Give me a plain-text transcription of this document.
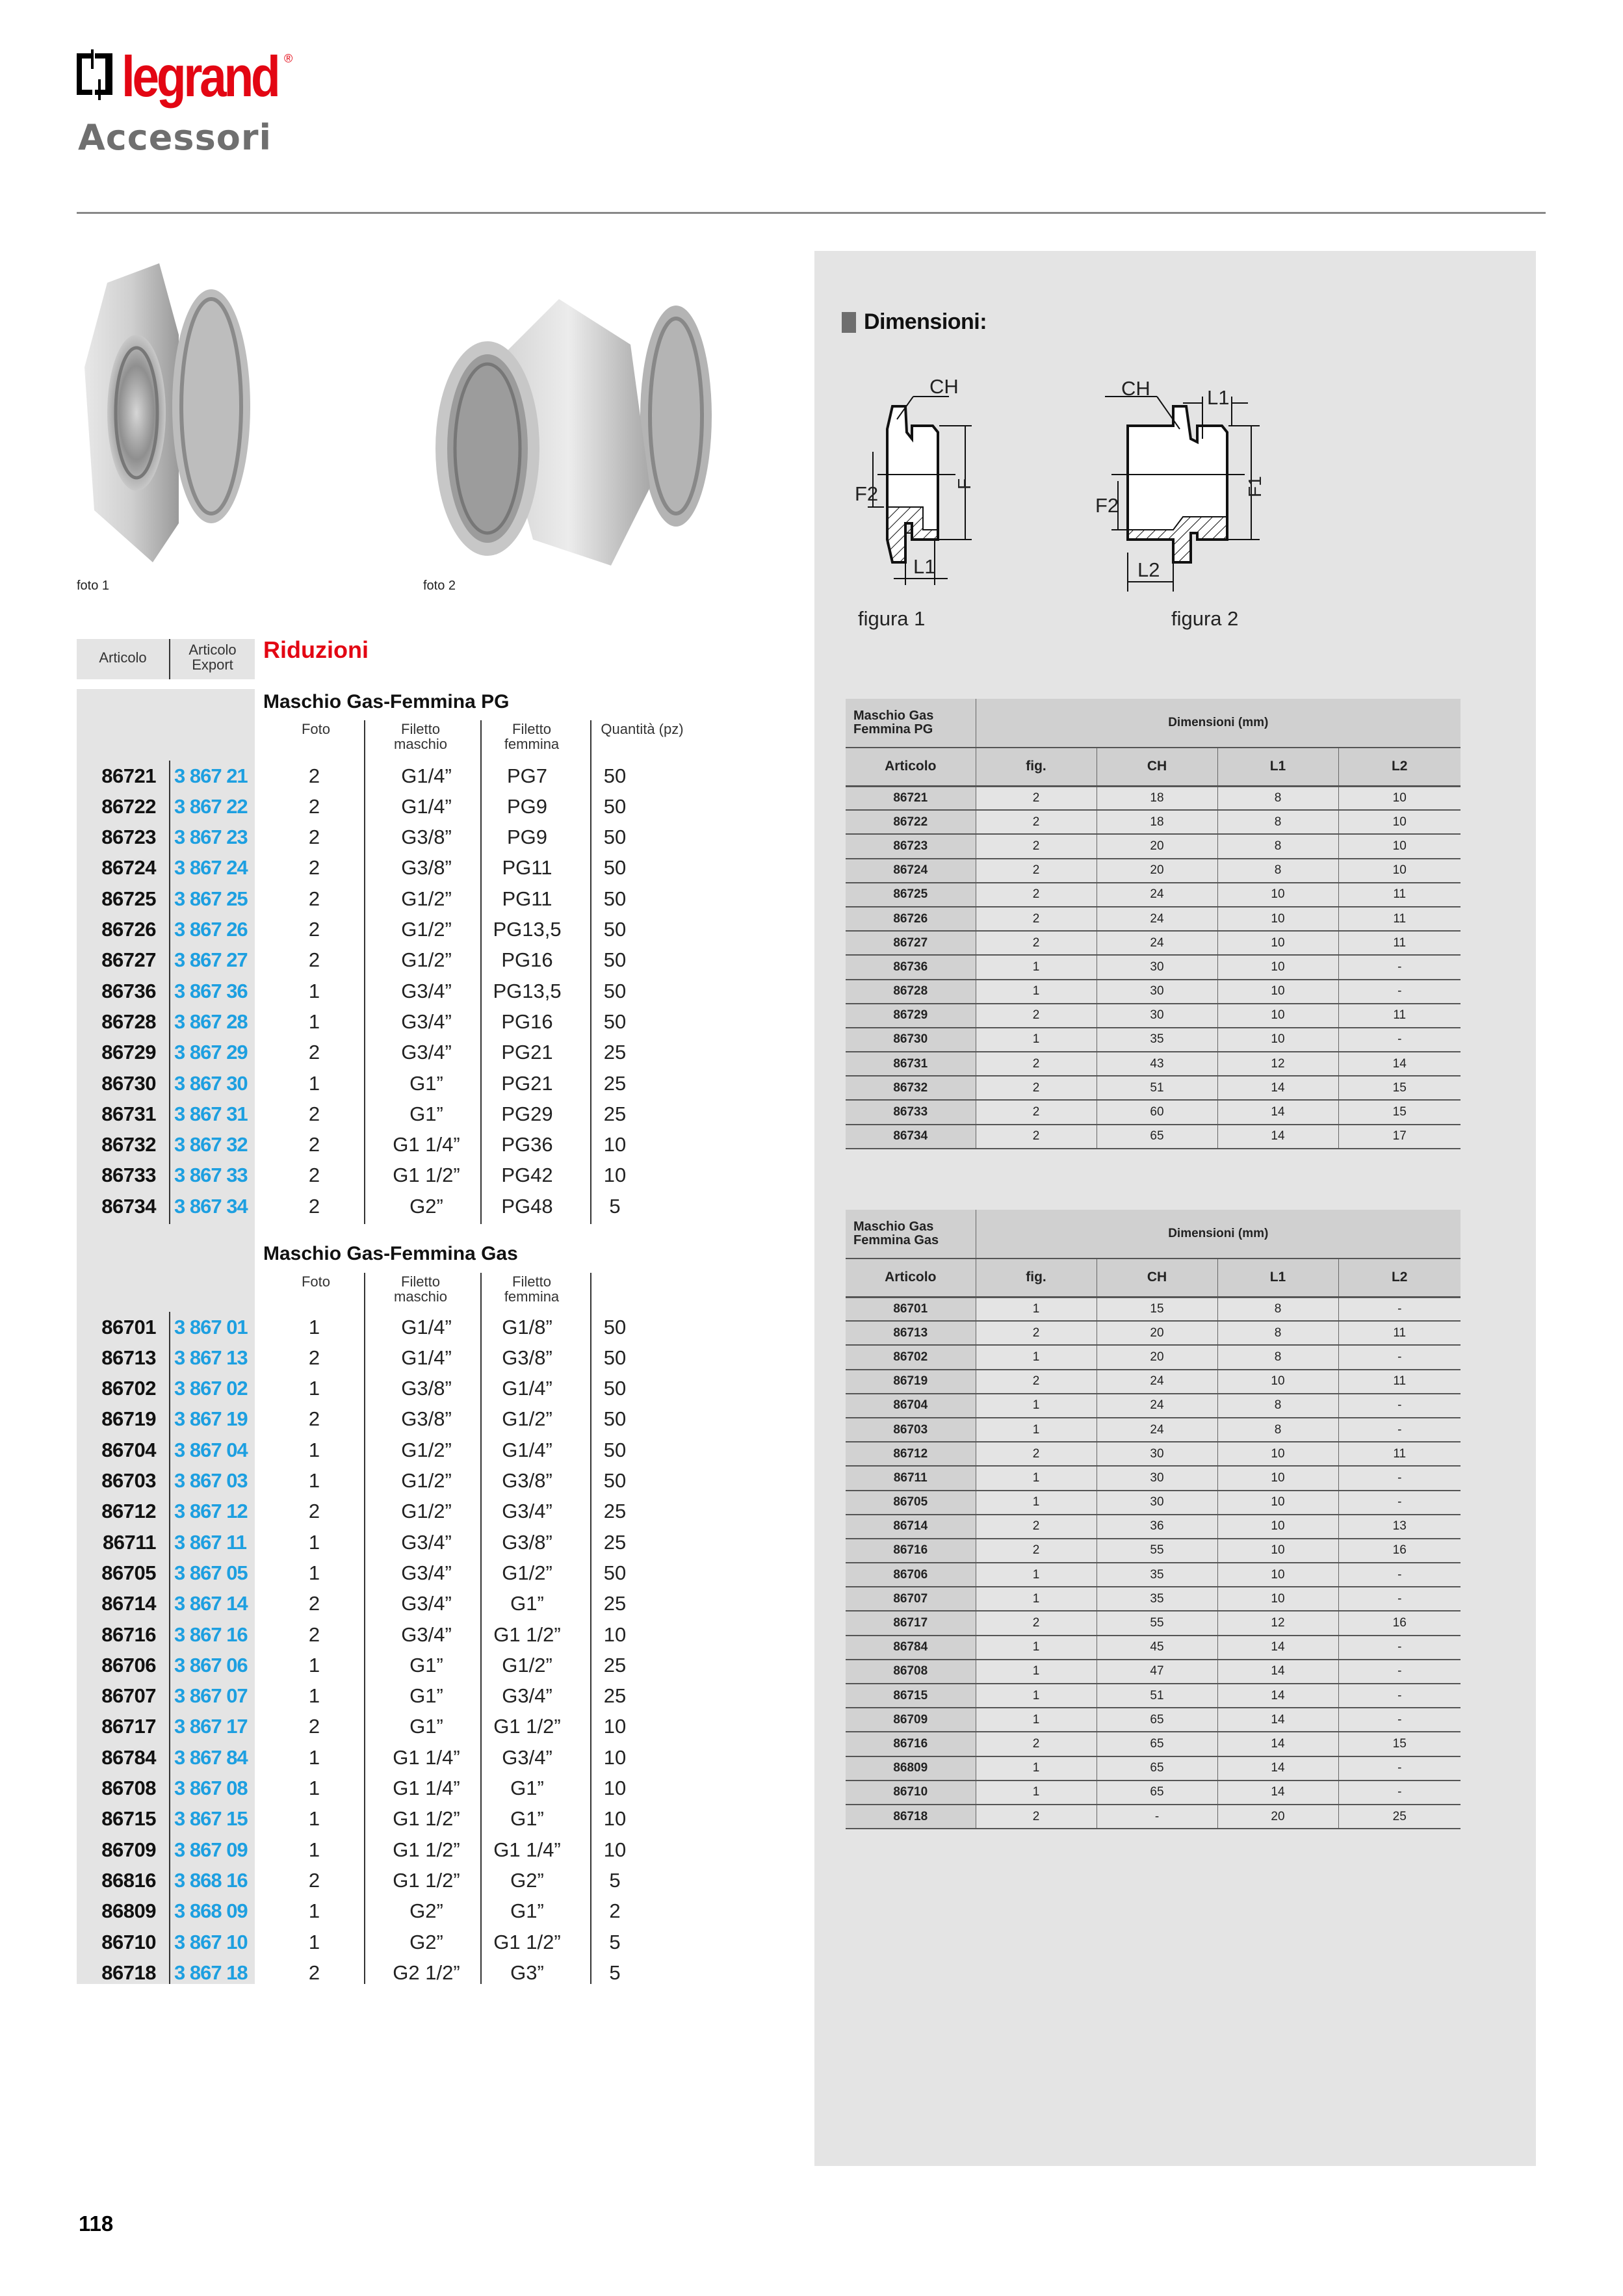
legrand ®
Accessori
foto 1	foto 2
Articolo	Articolo
Export
Riduzioni
Maschio Gas-Femmina PG
Foto	Filetto
maschio
Filetto
femmina
Quantità (pz)
86721 3 867 21	2	G1/4”	PG7	50
86722 3 867 22	2	G1/4”	PG9	50
86723 3 867 23	2	G3/8”	PG9	50
86724 3 867 24	2	G3/8”	PG11	50
86725 3 867 25	2	G1/2”	PG11	50
86726 3 867 26	2	G1/2”	PG13,5	50
86727 3 867 27	2	G1/2”	PG16	50
86736 3 867 36	1	G3/4”	PG13,5	50
86728 3 867 28	1	G3/4”	PG16	50
86729 3 867 29	2	G3/4”	PG21	25
86730 3 867 30	1	G1”	PG21	25
86731 3 867 31	2	G1”	PG29	25
86732 3 867 32	2	G1 1/4”	PG36	10
86733 3 867 33	2	G1 1/2”	PG42	10
86734 3 867 34	2	G2”	PG48	5
Maschio Gas-Femmina Gas
Foto	Filetto
maschio
Filetto
femmina
86701 3 867 01	1	G1/4”	G1/8”	50
86713 3 867 13	2	G1/4”	G3/8”	50
86702 3 867 02	1	G3/8”	G1/4”	50
86719 3 867 19	2	G3/8”	G1/2”	50
86704 3 867 04	1	G1/2”	G1/4”	50
86703 3 867 03	1	G1/2”	G3/8”	50
86712 3 867 12	2	G1/2”	G3/4”	25
86711 3 867 11	1	G3/4”	G3/8”	25
86705 3 867 05	1	G3/4”	G1/2”	50
86714 3 867 14	2	G3/4”	G1”	25
86716 3 867 16	2	G3/4”	G1 1/2”	10
86706 3 867 06	1	G1”	G1/2”	25
86707 3 867 07	1	G1”	G3/4”	25
86717 3 867 17	2	G1”	G1 1/2”	10
86784 3 867 84	1	G1 1/4”	G3/4”	10
86708 3 867 08	1	G1 1/4”	G1”	10
86715 3 867 15	1	G1 1/2”	G1”	10
86709 3 867 09	1	G1 1/2”	G1 1/4”	10
86816 3 868 16	2	G1 1/2”	G2”	5
86809 3 868 09	1	G2”	G1”	2
86710 3 867 10	1	G2”	G1 1/2”	5
86718 3 867 18	2	G2 1/2”	G3”	5
Dimensioni:
CH
F2	F
L1
figura 1
CH	L1
F2
F1
L2
figura 2
Maschio Gas
Femmina PG	Dimensioni (mm)			
Articolo	fig.	CH	L1	L2
86721	2	18	8	10
86722	2	18	8	10
86723	2	20	8	10
86724	2	20	8	10
86725	2	24	10	11
86726	2	24	10	11
86727	2	24	10	11
86736	1	30	10	-
86728	1	30	10	-
86729	2	30	10	11
86730	1	35	10	-
86731	2	43	12	14
86732	2	51	14	15
86733	2	60	14	15
86734	2	65	14	17
Maschio Gas
Femmina Gas	Dimensioni (mm)			
Articolo	fig.	CH	L1	L2
86701	1	15	8	-
86713	2	20	8	11
86702	1	20	8	-
86719	2	24	10	11
86704	1	24	8	-
86703	1	24	8	-
86712	2	30	10	11
86711	1	30	10	-
86705	1	30	10	-
86714	2	36	10	13
86716	2	55	10	16
86706	1	35	10	-
86707	1	35	10	-
86717	2	55	12	16
86784	1	45	14	-
86708	1	47	14	-
86715	1	51	14	-
86709	1	65	14	-
86716	2	65	14	15
86809	1	65	14	-
86710	1	65	14	-
86718	2	-	20	25
118
